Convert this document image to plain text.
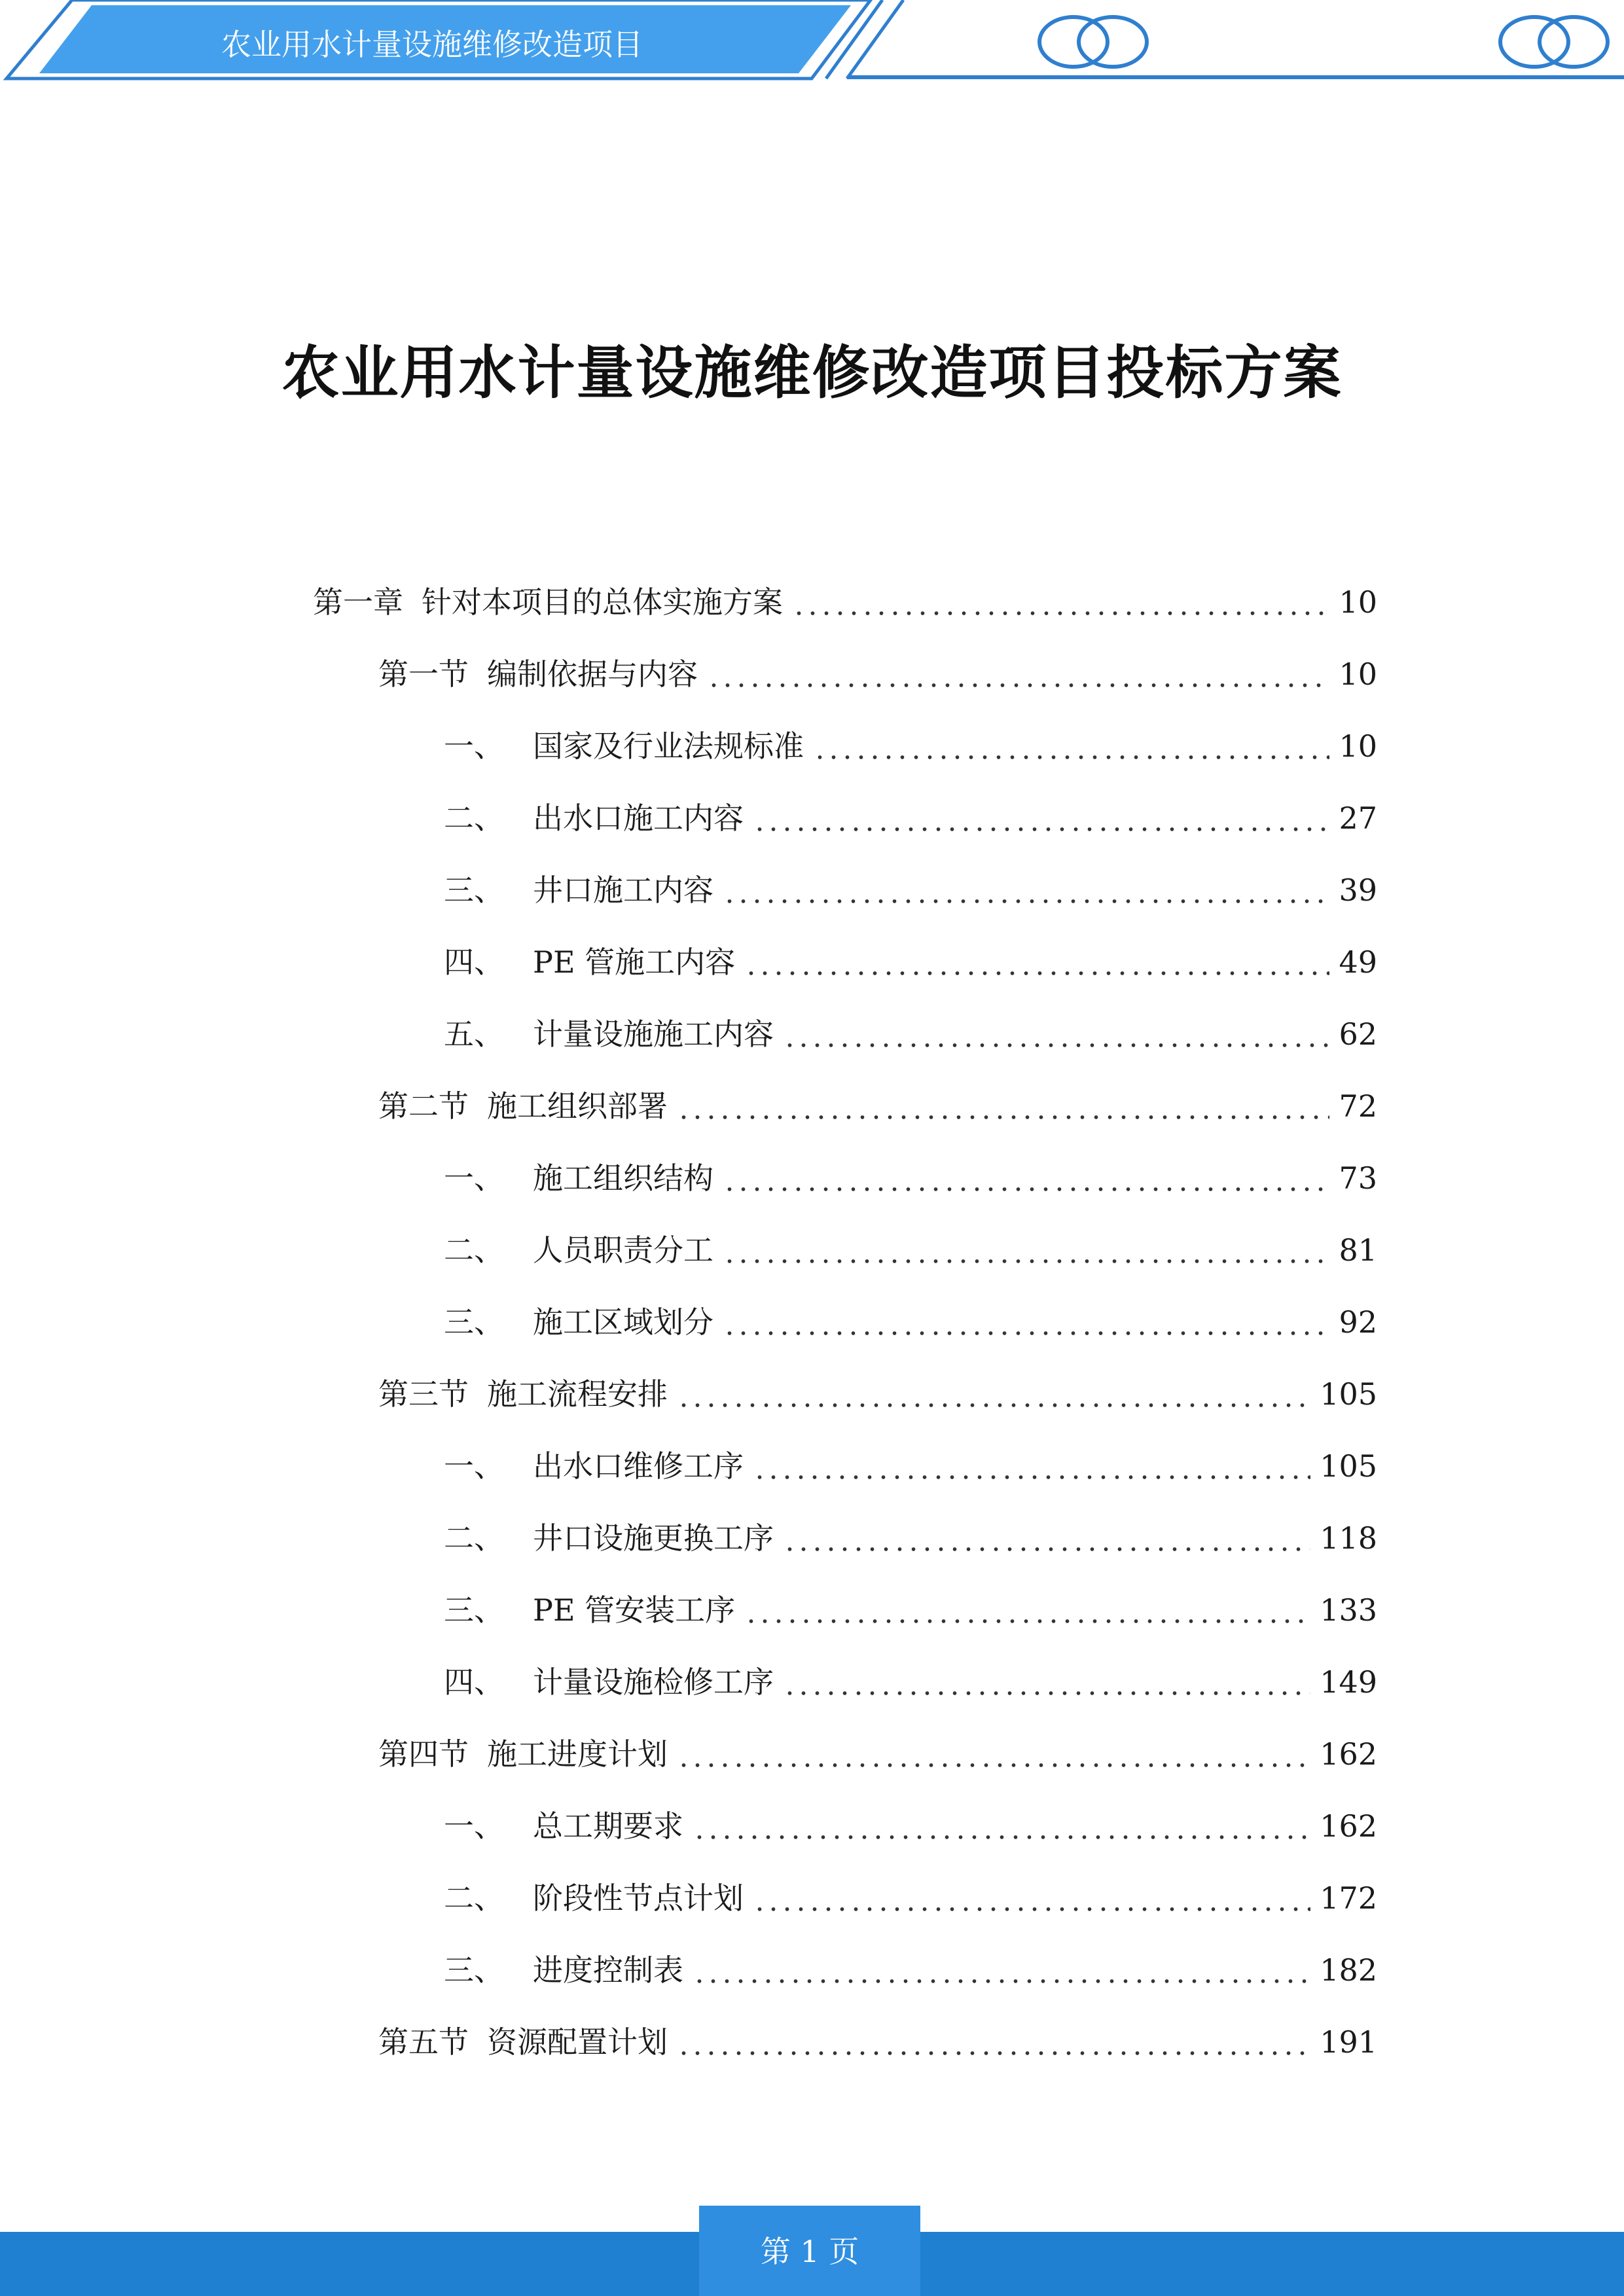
农业用水计量设施维修改造项目
农业用水计量设施维修改造项目投标方案
第一章 针对本项目的总体实施方案	10
第一节 编制依据与内容	10
一、 国家及行业法规标准	10
二、 出水口施工内容	27
三、 井口施工内容	39
四、 PE 管施工内容	49
五、 计量设施施工内容	62
第二节 施工组织部署	72
一、 施工组织结构	73
二、 人员职责分工	81
三、 施工区域划分	92
第三节 施工流程安排	105
一、 出水口维修工序	105
二、 井口设施更换工序	118
三、 PE 管安装工序	133
四、 计量设施检修工序	149
第四节 施工进度计划	162
一、 总工期要求	162
二、 阶段性节点计划	172
三、 进度控制表	182
第五节 资源配置计划	191
第 1 页
